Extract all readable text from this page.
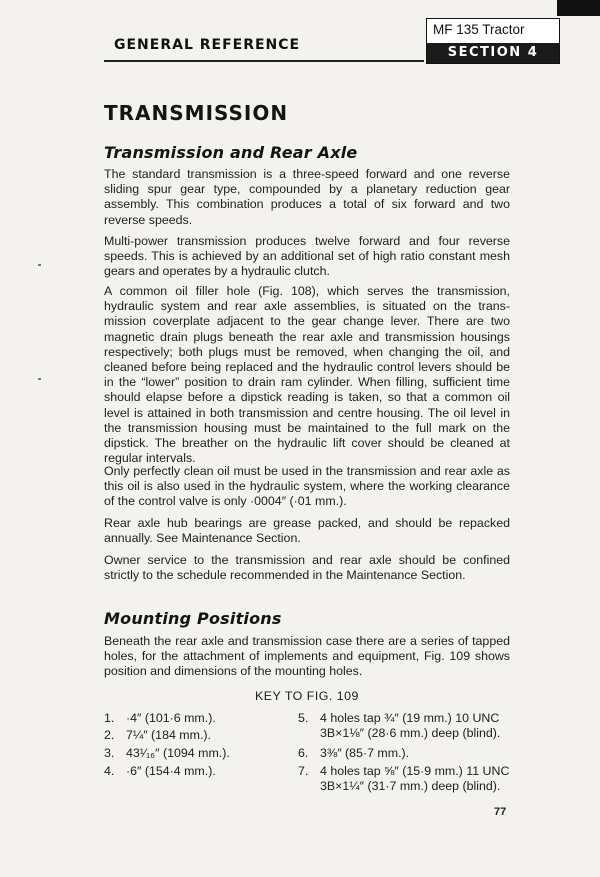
GENERAL REFERENCE
MF 135 Tractor
SECTION 4
TRANSMISSION
Transmission and Rear Axle
The standard transmission is a three-speed forward and one reverse sliding spur gear type, compounded by a planetary reduction gear assembly. This combination produces a total of six forward and two reverse speeds.
Multi-power transmission produces twelve forward and four reverse speeds. This is achieved by an additional set of high ratio constant mesh gears and operates by a hydraulic clutch.
A common oil filler hole (Fig. 108), which serves the transmission, hydraulic system and rear axle assemblies, is situated on the trans-mission coverplate adjacent to the gear change lever. There are two magnetic drain plugs beneath the rear axle and transmission housings respectively; both plugs must be removed, when changing the oil, and cleaned before being replaced and the hydraulic control levers should be in the “lower” position to drain ram cylinder. When filling, sufficient time should elapse before a dipstick reading is taken, so that a common oil level is attained in both transmission and centre housing. The oil level in the transmission housing must be maintained to the full mark on the dipstick. The breather on the hydraulic lift cover should be cleaned at regular intervals.
Only perfectly clean oil must be used in the transmission and rear axle as this oil is also used in the hydraulic system, where the working clearance of the control valve is only ·0004″ (·01 mm.).
Rear axle hub bearings are grease packed, and should be repacked annually. See Maintenance Section.
Owner service to the transmission and rear axle should be confined strictly to the schedule recommended in the Maintenance Section.
Mounting Positions
Beneath the rear axle and transmission case there are a series of tapped holes, for the attachment of implements and equipment, Fig. 109 shows position and dimensions of the mounting holes.
KEY TO FIG. 109
1. ·4″ (101·6 mm.).
2. 7¼″ (184 mm.).
3. 43¹⁄₁₆″ (1094 mm.).
4. ·6″ (154·4 mm.).
5. 4 holes tap ¾″ (19 mm.) 10 UNC
3B×1⅛″ (28·6 mm.) deep (blind).
6. 3⅜″ (85·7 mm.).
7. 4 holes tap ⅝″ (15·9 mm.) 11 UNC
3B×1¼″ (31·7 mm.) deep (blind).
77
